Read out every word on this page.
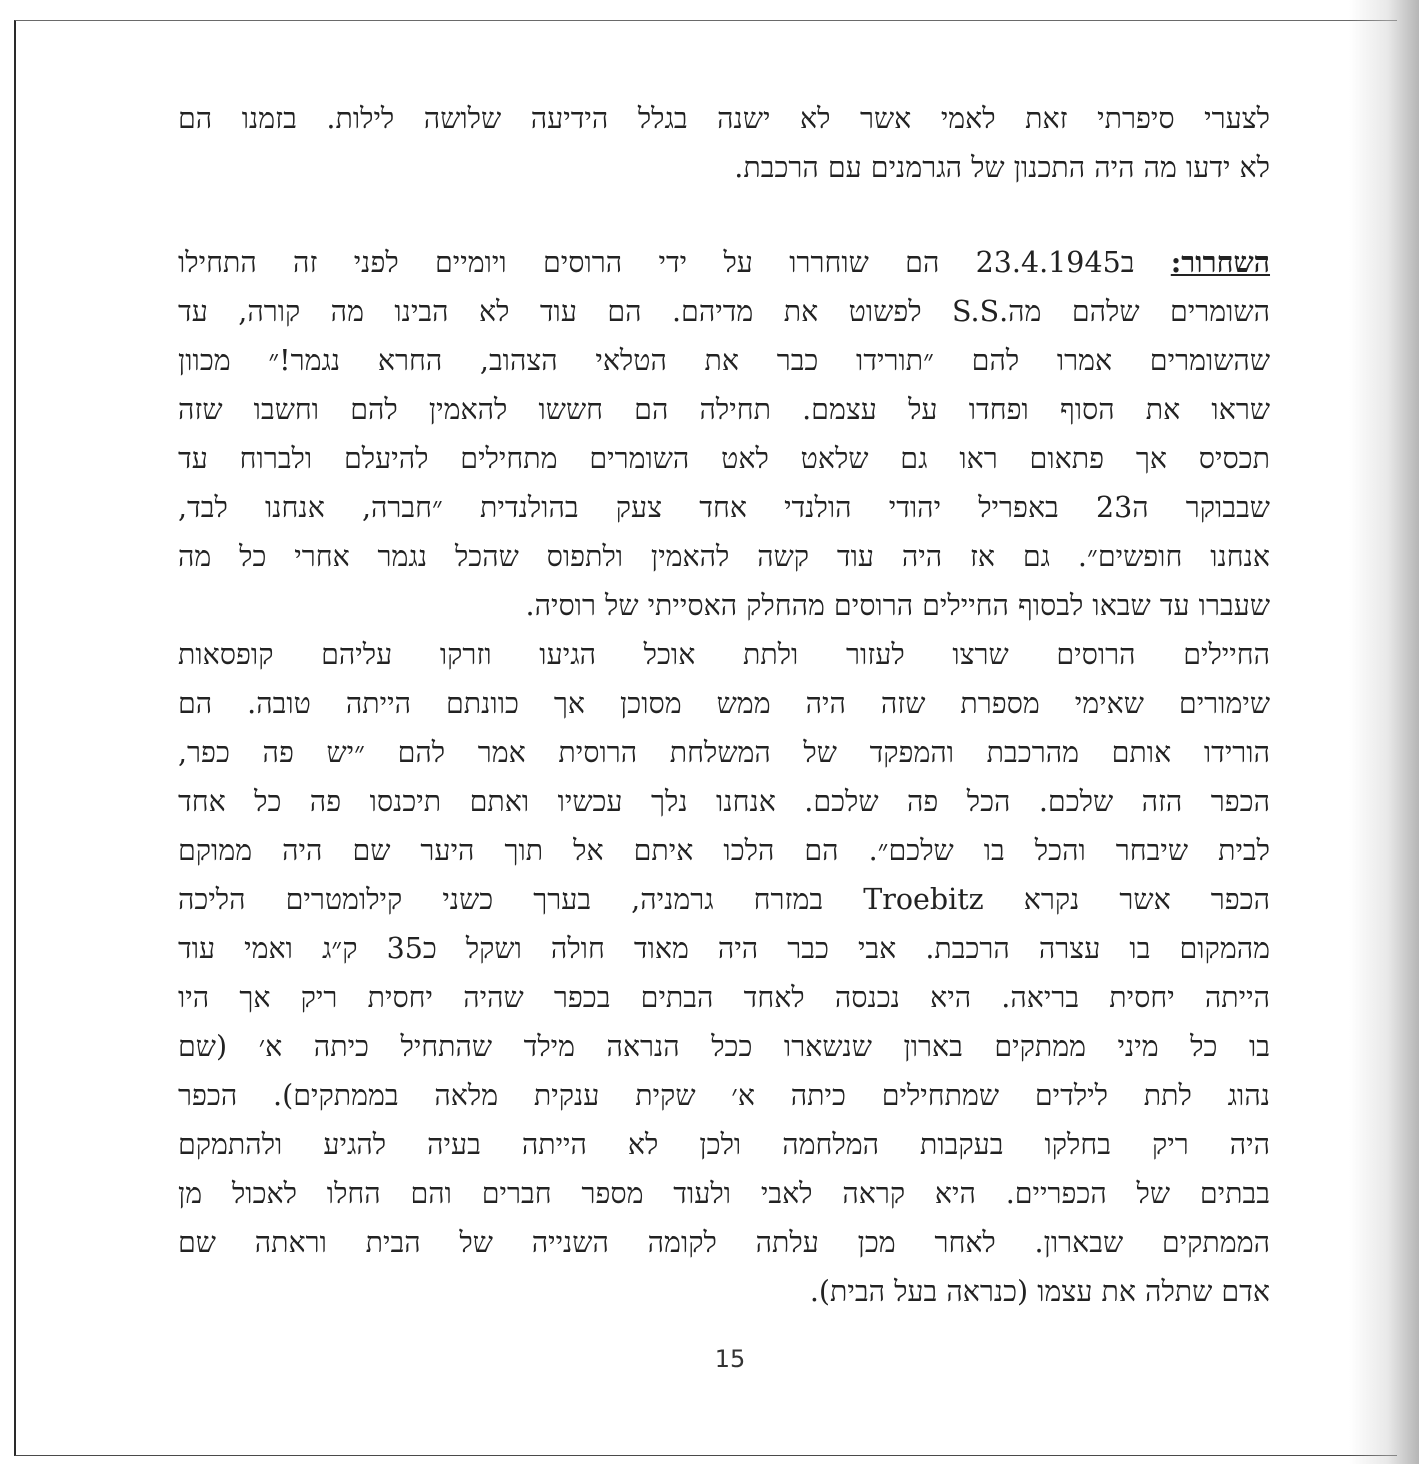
לצערי סיפרתי זאת לאמי אשר לא ישנה בגלל הידיעה שלושה לילות. בזמנו הם
לא ידעו מה היה התכנון של הגרמנים עם הרכבת.
השחרור: ב23.4.1945 הם שוחררו על ידי הרוסים ויומיים לפני זה התחילו
השומרים שלהם מה.S.S לפשוט את מדיהם. הם עוד לא הבינו מה קורה, עד
שהשומרים אמרו להם ״תורידו כבר את הטלאי הצהוב, החרא נגמר!״ מכוון
שראו את הסוף ופחדו על עצמם. תחילה הם חששו להאמין להם וחשבו שזה
תכסיס אך פתאום ראו גם שלאט לאט השומרים מתחילים להיעלם ולברוח עד
שבבוקר ה23 באפריל יהודי הולנדי אחד צעק בהולנדית ״חברה, אנחנו לבד,
אנחנו חופשים״. גם אז היה עוד קשה להאמין ולתפוס שהכל נגמר אחרי כל מה
שעברו עד שבאו לבסוף החיילים הרוסים מהחלק האסייתי של רוסיה.
החיילים הרוסים שרצו לעזור ולתת אוכל הגיעו וזרקו עליהם קופסאות
שימורים שאימי מספרת שזה היה ממש מסוכן אך כוונתם הייתה טובה. הם
הורידו אותם מהרכבת והמפקד של המשלחת הרוסית אמר להם ״יש פה כפר,
הכפר הזה שלכם. הכל פה שלכם. אנחנו נלך עכשיו ואתם תיכנסו פה כל אחד
לבית שיבחר והכל בו שלכם״. הם הלכו איתם אל תוך היער שם היה ממוקם
הכפר אשר נקרא Troebitz במזרח גרמניה, בערך כשני קילומטרים הליכה
מהמקום בו עצרה הרכבת. אבי כבר היה מאוד חולה ושקל כ35 ק״ג ואמי עוד
הייתה יחסית בריאה. היא נכנסה לאחד הבתים בכפר שהיה יחסית ריק אך היו
בו כל מיני ממתקים בארון שנשארו ככל הנראה מילד שהתחיל כיתה א׳ (שם
נהוג לתת לילדים שמתחילים כיתה א׳ שקית ענקית מלאה בממתקים). הכפר
היה ריק בחלקו בעקבות המלחמה ולכן לא הייתה בעיה להגיע ולהתמקם
בבתים של הכפריים. היא קראה לאבי ולעוד מספר חברים והם החלו לאכול מן
הממתקים שבארון. לאחר מכן עלתה לקומה השנייה של הבית וראתה שם
אדם שתלה את עצמו (כנראה בעל הבית).
15
